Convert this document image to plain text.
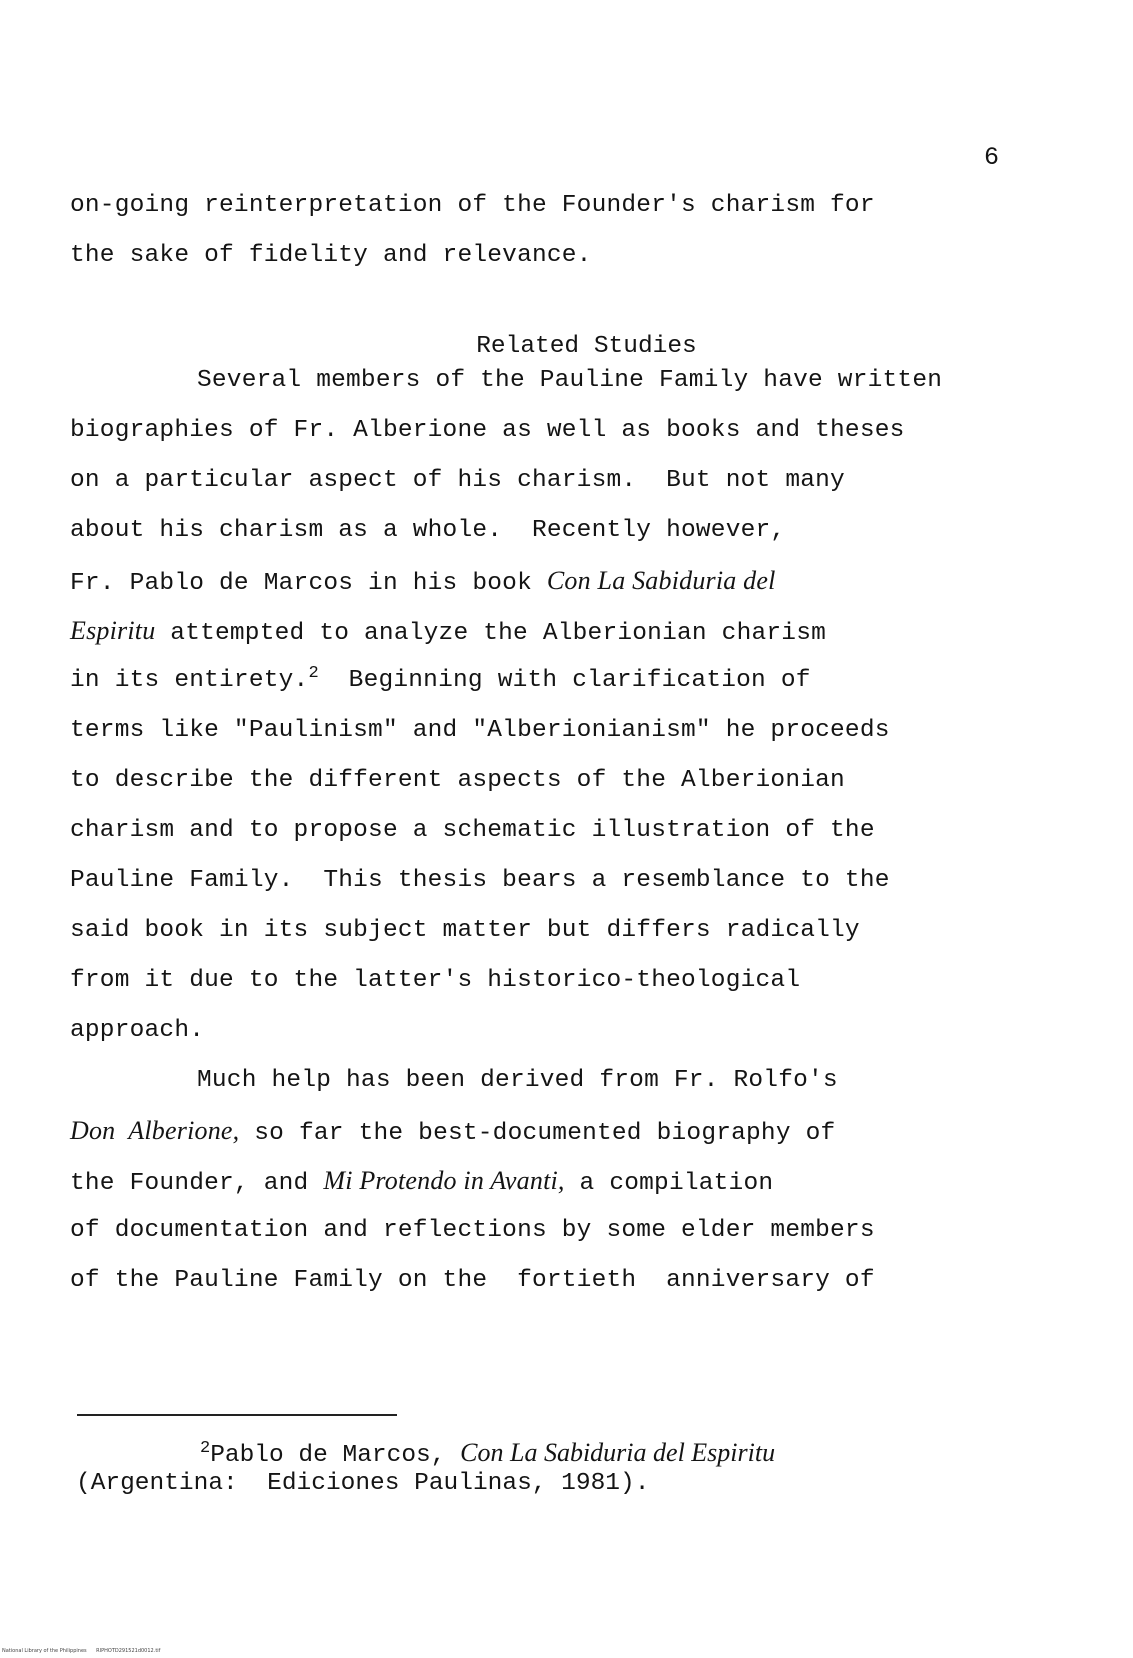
6
on-going reinterpretation of the Founder's charism for
the sake of fidelity and relevance.
Related Studies
Several members of the Pauline Family have written
biographies of Fr. Alberione as well as books and theses
on a particular aspect of his charism.  But not many
about his charism as a whole.  Recently however,
Fr. Pablo de Marcos in his book Con La Sabiduria del
Espiritu attempted to analyze the Alberionian charism
in its entirety.$^2$  Beginning with clarification of
terms like "Paulinism" and "Alberionianism" he proceeds
to describe the different aspects of the Alberionian
charism and to propose a schematic illustration of the
Pauline Family.  This thesis bears a resemblance to the
said book in its subject matter but differs radically
from it due to the latter's historico-theological
approach.
Much help has been derived from Fr. Rolfo's
Don  Alberione, so far the best-documented biography of
the Founder, and Mi Protendo in Avanti, a compilation
of documentation and reflections by some elder members
of the Pauline Family on the  fortieth  anniversary of
$^2$Pablo de Marcos, Con La Sabiduria del Espiritu
(Argentina:  Ediciones Paulinas, 1981).
National Library of the Philippines      RIPHOTD291521d0012.tif
